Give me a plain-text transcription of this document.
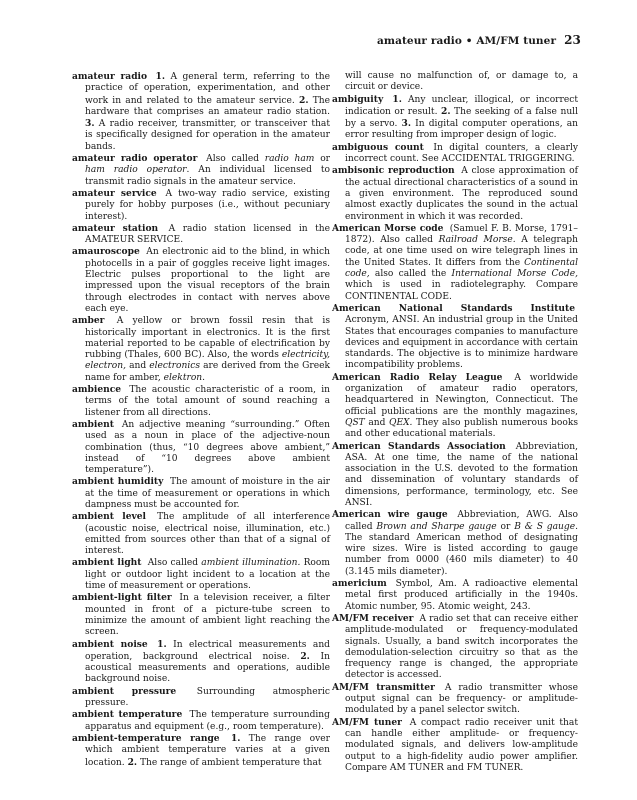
amateur radio • AM/FM tuner 23

amateur radio 1. A general term, referring to the practice of operation, experimentation, and other work in and related to the amateur service. 2. The hardware that comprises an amateur radio station. 3. A radio receiver, transmitter, or transceiver that is specifically designed for operation in the amateur bands.

amateur radio operator Also called radio ham or ham radio operator. An individual licensed to transmit radio signals in the amateur service.

amateur service A two-way radio service, existing purely for hobby purposes (i.e., without pecuniary interest).

amateur station A radio station licensed in the AMATEUR SERVICE.

amauroscope An electronic aid to the blind, in which photocells in a pair of goggles receive light images. Electric pulses proportional to the light are impressed upon the visual receptors of the brain through electrodes in contact with nerves above each eye.

amber A yellow or brown fossil resin that is historically important in electronics. It is the first material reported to be capable of electrification by rubbing (Thales, 600 BC). Also, the words electricity, electron, and electronics are derived from the Greek name for amber, elektron.

ambience The acoustic characteristic of a room, in terms of the total amount of sound reaching a listener from all directions.

ambient An adjective meaning “surrounding.” Often used as a noun in place of the adjective-noun combination (thus, “10 degrees above ambient,” instead of “10 degrees above ambient temperature”).

ambient humidity The amount of moisture in the air at the time of measurement or operations in which dampness must be accounted for.

ambient level The amplitude of all interference (acoustic noise, electrical noise, illumination, etc.) emitted from sources other than that of a signal of interest.

ambient light Also called ambient illumination. Room light or outdoor light incident to a location at the time of measurement or operations.

ambient-light filter In a television receiver, a filter mounted in front of a picture-tube screen to minimize the amount of ambient light reaching the screen.

ambient noise 1. In electrical measurements and operation, background electrical noise. 2. In acoustical measurements and operations, audible background noise.

ambient pressure Surrounding atmospheric pressure.

ambient temperature The temperature surrounding apparatus and equipment (e.g., room temperature).

ambient-temperature range 1. The range over which ambient temperature varies at a given location. 2. The range of ambient temperature that

will cause no malfunction of, or damage to, a circuit or device.

ambiguity 1. Any unclear, illogical, or incorrect indication or result. 2. The seeking of a false null by a servo. 3. In digital computer operations, an error resulting from improper design of logic.

ambiguous count In digital counters, a clearly incorrect count. See ACCIDENTAL TRIGGERING.

ambisonic reproduction A close approximation of the actual directional characteristics of a sound in a given environment. The reproduced sound almost exactly duplicates the sound in the actual environment in which it was recorded.

American Morse code (Samuel F. B. Morse, 1791–1872). Also called Railroad Morse. A telegraph code, at one time used on wire telegraph lines in the United States. It differs from the Continental code, also called the International Morse Code, which is used in radiotelegraphy. Compare CONTINENTAL CODE.

American National Standards Institute Acronym, ANSI. An industrial group in the United States that encourages companies to manufacture devices and equipment in accordance with certain standards. The objective is to minimize hardware incompatibility problems.

American Radio Relay League A worldwide organization of amateur radio operators, headquartered in Newington, Connecticut. The official publications are the monthly magazines, QST and QEX. They also publish numerous books and other educational materials.

American Standards Association Abbreviation, ASA. At one time, the name of the national association in the U.S. devoted to the formation and dissemination of voluntary standards of dimensions, performance, terminology, etc. See ANSI.

American wire gauge Abbreviation, AWG. Also called Brown and Sharpe gauge or B & S gauge. The standard American method of designating wire sizes. Wire is listed according to gauge number from 0000 (460 mils diameter) to 40 (3.145 mils diameter).

americium Symbol, Am. A radioactive elemental metal first produced artificially in the 1940s. Atomic number, 95. Atomic weight, 243.

AM/FM receiver A radio set that can receive either amplitude-modulated or frequency-modulated signals. Usually, a band switch incorporates the demodulation-selection circuitry so that as the frequency range is changed, the appropriate detector is accessed.

AM/FM transmitter A radio transmitter whose output signal can be frequency- or amplitude-modulated by a panel selector switch.

AM/FM tuner A compact radio receiver unit that can handle either amplitude- or frequency-modulated signals, and delivers low-amplitude output to a high-fidelity audio power amplifier. Compare AM TUNER and FM TUNER.
